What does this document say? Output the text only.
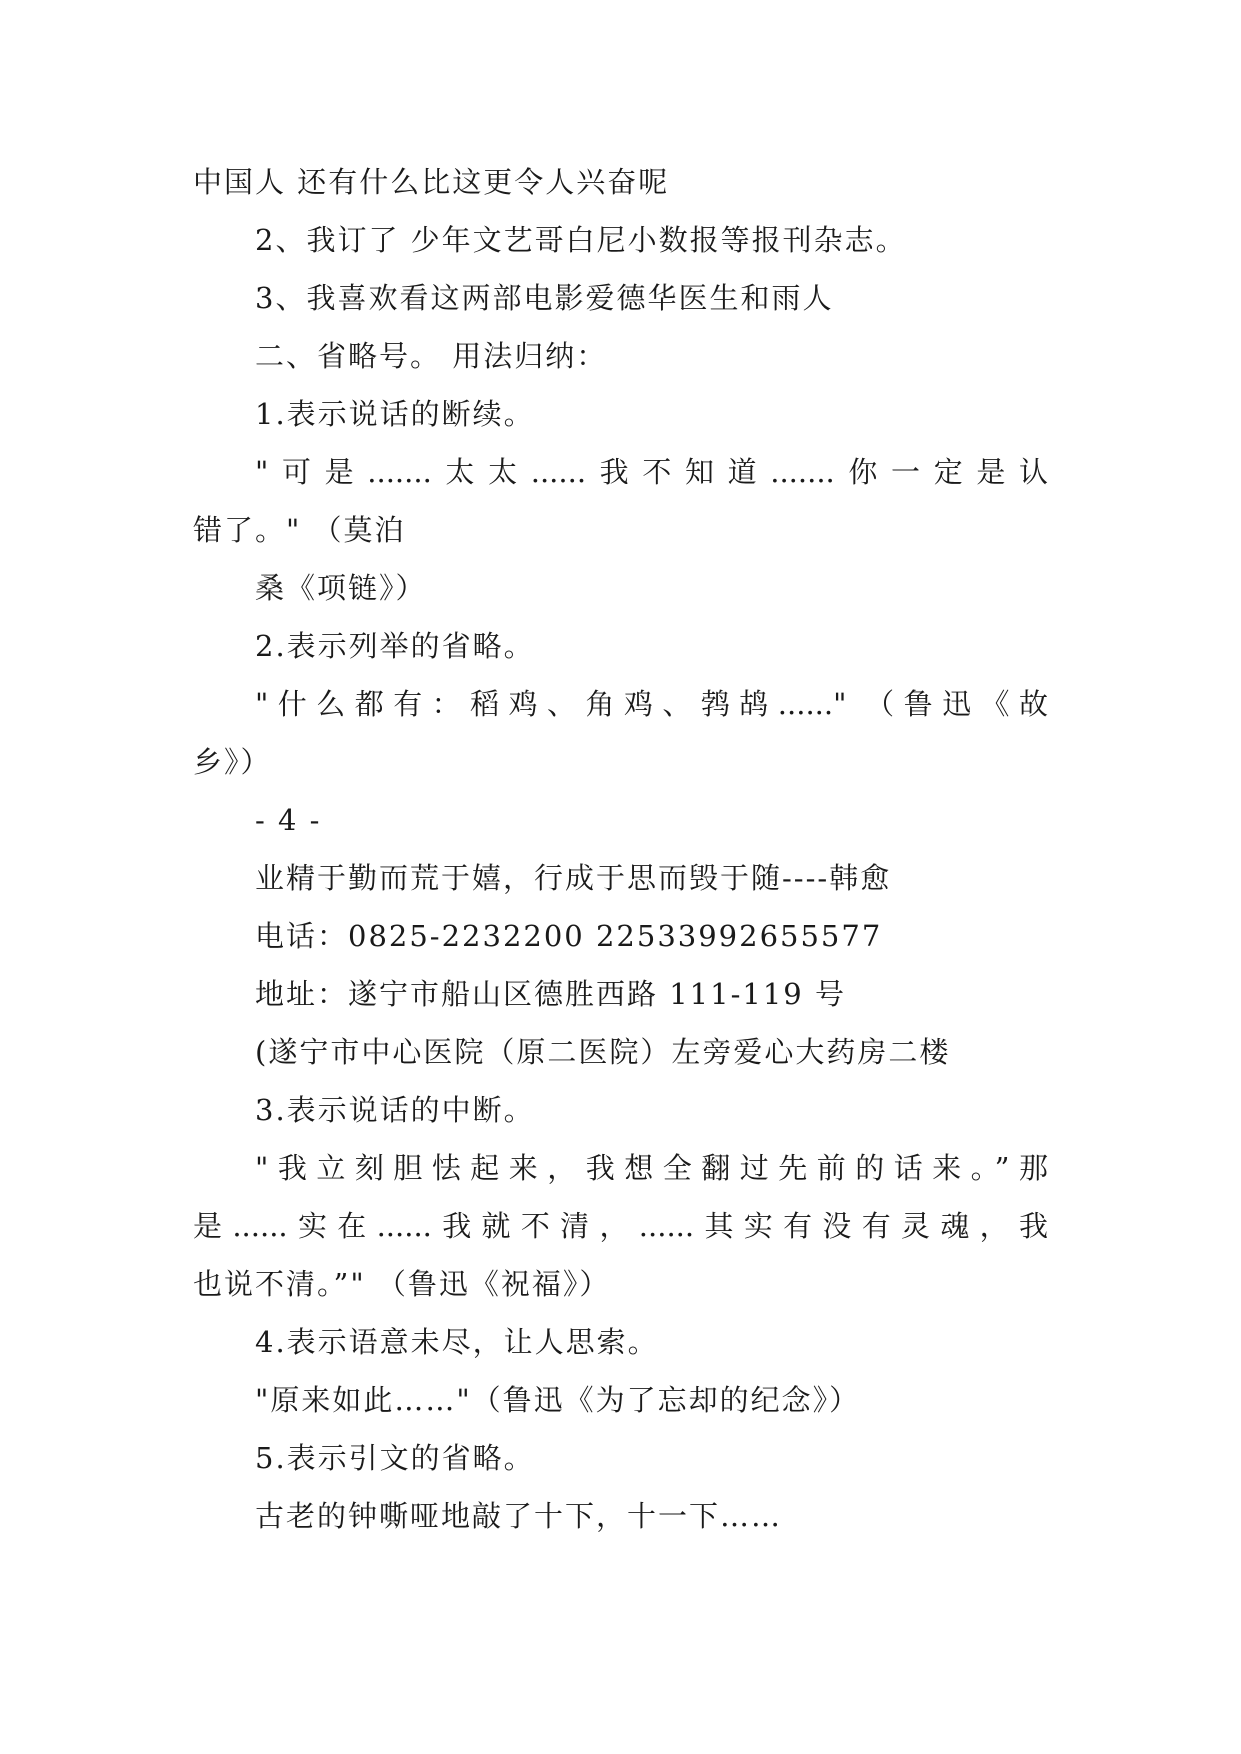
中国人 还有什么比这更令人兴奋呢
2、我订了 少年文艺哥白尼小数报等报刊杂志。
3、我喜欢看这两部电影爱德华医生和雨人
二、省略号。 用法归纳：
1.表示说话的断续。
"可是.......太太......我不知道.......你一定是认
错了。" （莫泊
桑《项链》）
2.表示列举的省略。
"什么都有：稻鸡、角鸡、鹁鸪......" （鲁迅《故
乡》）
- 4 -
业精于勤而荒于嬉，行成于思而毁于随----韩愈
电话：0825-2232200 22533992655577
地址：遂宁市船山区德胜西路 111-119 号
(遂宁市中心医院（原二医院）左旁爱心大药房二楼
3.表示说话的中断。
"我立刻胆怯起来，我想全翻过先前的话来。”那
是......实在......我就不清，......其实有没有灵魂，我
也说不清。”" （鲁迅《祝福》）
4.表示语意未尽，让人思索。
"原来如此……"（鲁迅《为了忘却的纪念》）
5.表示引文的省略。
古老的钟嘶哑地敲了十下，十一下……
